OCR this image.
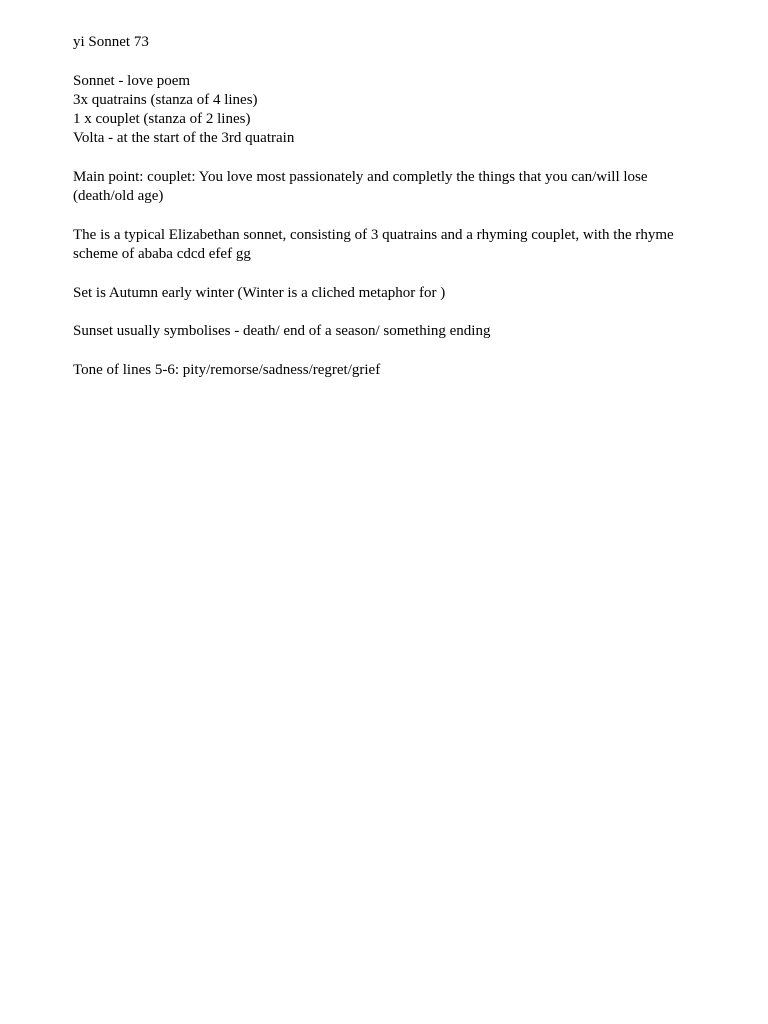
yi Sonnet 73

Sonnet - love poem
3x quatrains (stanza of 4 lines)
1 x couplet (stanza of 2 lines)
Volta - at the start of the 3rd quatrain

Main point: couplet: You love most passionately and completly the things that you can/will lose
(death/old age)

The is a typical Elizabethan sonnet, consisting of 3 quatrains and a rhyming couplet, with the rhyme
scheme of ababa cdcd efef gg

Set is Autumn early winter (Winter is a cliched metaphor for )

Sunset usually symbolises - death/ end of a season/ something ending

Tone of lines 5-6: pity/remorse/sadness/regret/grief
